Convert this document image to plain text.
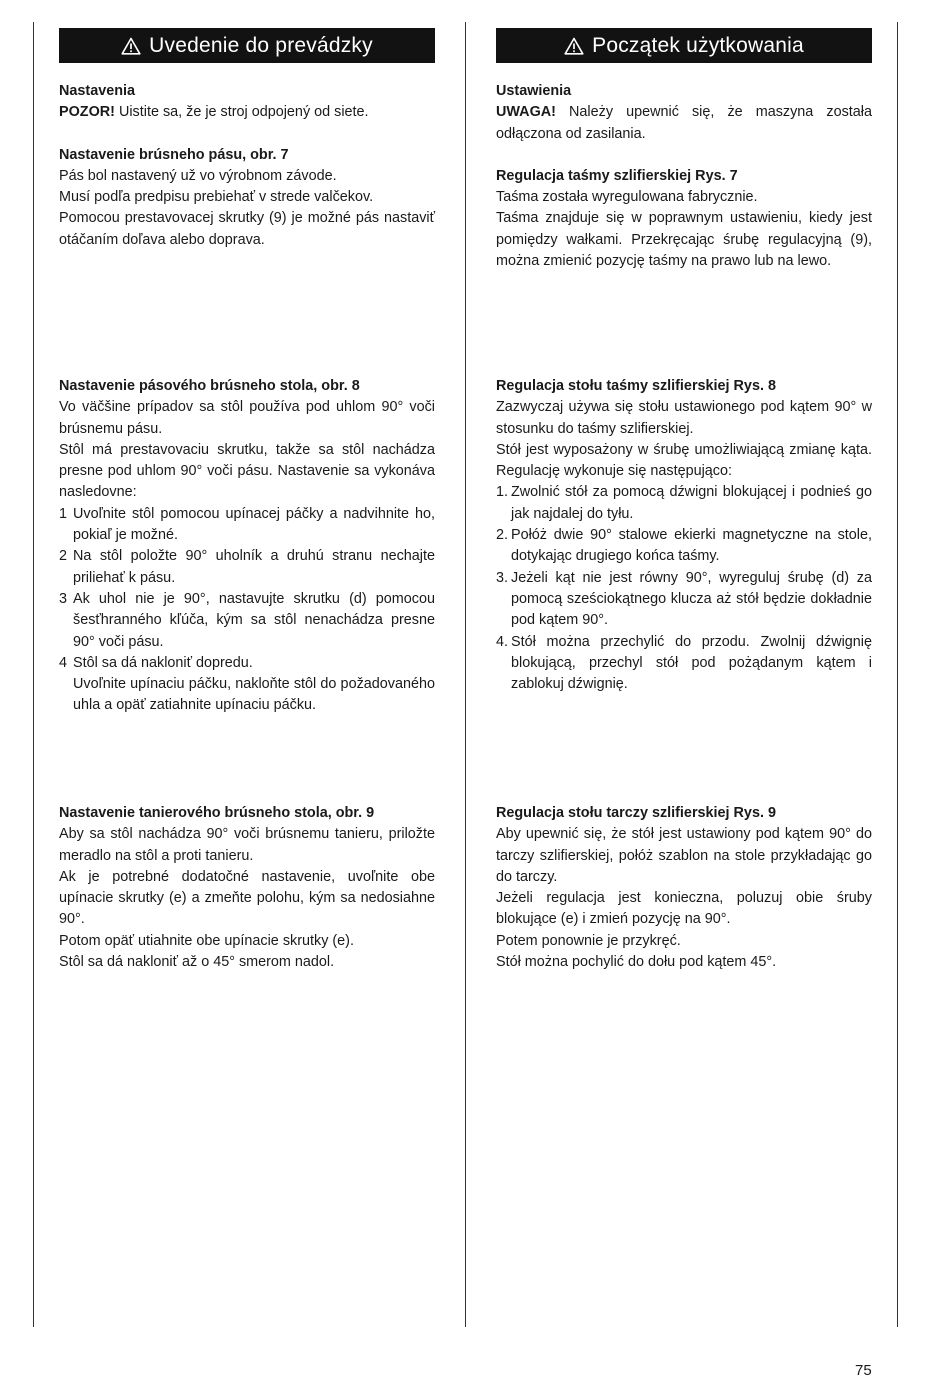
Uvedenie do prevádzky
Nastavenia

POZOR! Uistite sa, že je stroj odpojený od siete.

Nastavenie brúsneho pásu, obr. 7

Pás bol nastavený už vo výrobnom závode.

Musí podľa predpisu prebiehať v strede valčekov.

Pomocou prestavovacej skrutky (9) je možné pás nastaviť otáčaním doľava alebo doprava.

Nastavenie pásového brúsneho stola, obr. 8

Vo väčšine prípadov sa stôl používa pod uhlom 90° voči brúsnemu pásu.

Stôl má prestavovaciu skrutku, takže sa stôl nachádza presne pod uhlom 90° voči pásu. Nastavenie sa vykonáva nasledovne:

1 Uvoľnite stôl pomocou upínacej páčky a nadvihnite ho, pokiaľ je možné.
2 Na stôl položte 90° uholník a druhú stranu nechajte priliehať k pásu.
3 Ak uhol nie je 90°, nastavujte skrutku (d) pomocou šesťhranného kľúča, kým sa stôl nenachádza presne 90° voči pásu.
4 Stôl sa dá nakloniť dopredu.

Uvoľnite upínaciu páčku, nakloňte stôl do požadovaného uhla a opäť zatiahnite upínaciu páčku.

Nastavenie tanierového brúsneho stola, obr. 9

Aby sa stôl nachádza 90° voči brúsnemu tanieru, priložte meradlo na stôl a proti tanieru.

Ak je potrebné dodatočné nastavenie, uvoľnite obe upínacie skrutky (e) a zmeňte polohu, kým sa nedosiahne 90°.

Potom opäť utiahnite obe upínacie skrutky (e).

Stôl sa dá nakloniť až o 45° smerom nadol.

Początek użytkowania
Ustawienia

UWAGA! Należy upewnić się, że maszyna została odłączona od zasilania.

Regulacja taśmy szlifierskiej Rys. 7

Taśma została wyregulowana fabrycznie.

Taśma znajduje się w poprawnym ustawieniu, kiedy jest pomiędzy wałkami. Przekręcając śrubę regulacyjną (9), można zmienić pozycję taśmy na prawo lub na lewo.

Regulacja stołu taśmy szlifierskiej Rys. 8

Zazwyczaj używa się stołu ustawionego pod kątem 90° w stosunku do taśmy szlifierskiej.

Stół jest wyposażony w śrubę umożliwiającą zmianę kąta. Regulację wykonuje się następująco:

1. Zwolnić stół za pomocą dźwigni blokującej i podnieś go jak najdalej do tyłu.
2. Połóż dwie 90° stalowe ekierki magnetyczne na stole, dotykając drugiego końca taśmy.
3. Jeżeli kąt nie jest równy 90°, wyreguluj śrubę (d) za pomocą sześciokątnego klucza aż stół będzie dokładnie pod kątem 90°.
4. Stół można przechylić do przodu. Zwolnij dźwignię blokującą, przechyl stół pod pożądanym kątem i zablokuj dźwignię.
Regulacja stołu tarczy szlifierskiej Rys. 9

Aby upewnić się, że stół jest ustawiony pod kątem 90° do tarczy szlifierskiej, połóż szablon na stole przykładając go do tarczy.

Jeżeli regulacja jest konieczna, poluzuj obie śruby blokujące (e) i zmień pozycję na 90°.

Potem ponownie je przykręć.

Stół można pochylić do dołu pod kątem 45°.

75
